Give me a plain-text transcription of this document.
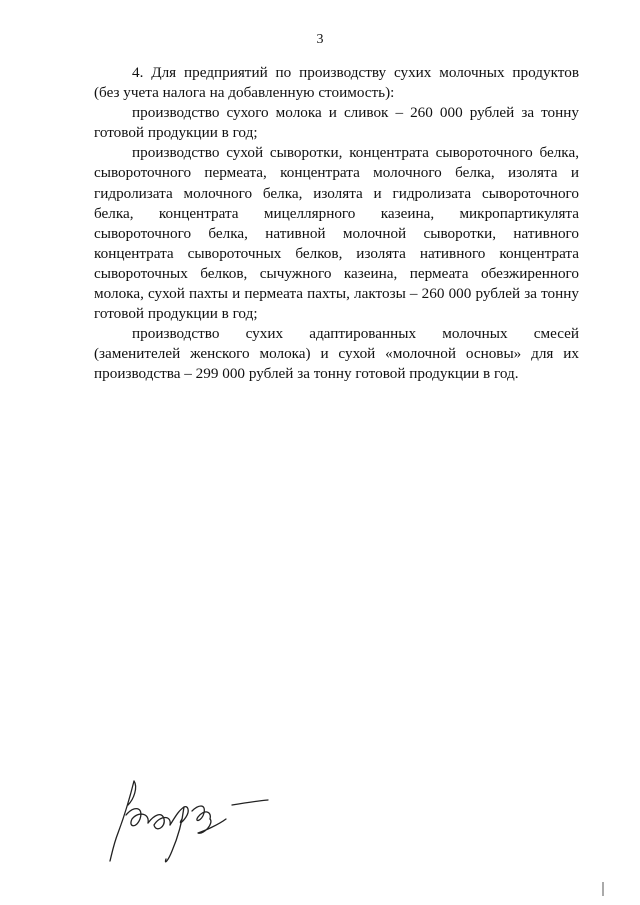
3

4. Для предприятий по производству сухих молочных продуктов (без учета налога на добавленную стоимость):

производство сухого молока и сливок – 260 000 рублей за тонну готовой продукции в год;

производство сухой сыворотки, концентрата сывороточного белка, сывороточного пермеата, концентрата молочного белка, изолята и гидролизата молочного белка, изолята и гидролизата сывороточного белка, концентрата мицеллярного казеина, микропартикулята сывороточного белка, нативной молочной сыворотки, нативного концентрата сывороточных белков, изолята нативного концентрата сывороточных белков, сычужного казеина, пермеата обезжиренного молока, сухой пахты и пермеата пахты, лактозы – 260 000 рублей за тонну готовой продукции в год;

производство сухих адаптированных молочных смесей (заменителей женского молока) и сухой «молочной основы» для их производства – 299 000 рублей за тонну готовой продукции в год.
